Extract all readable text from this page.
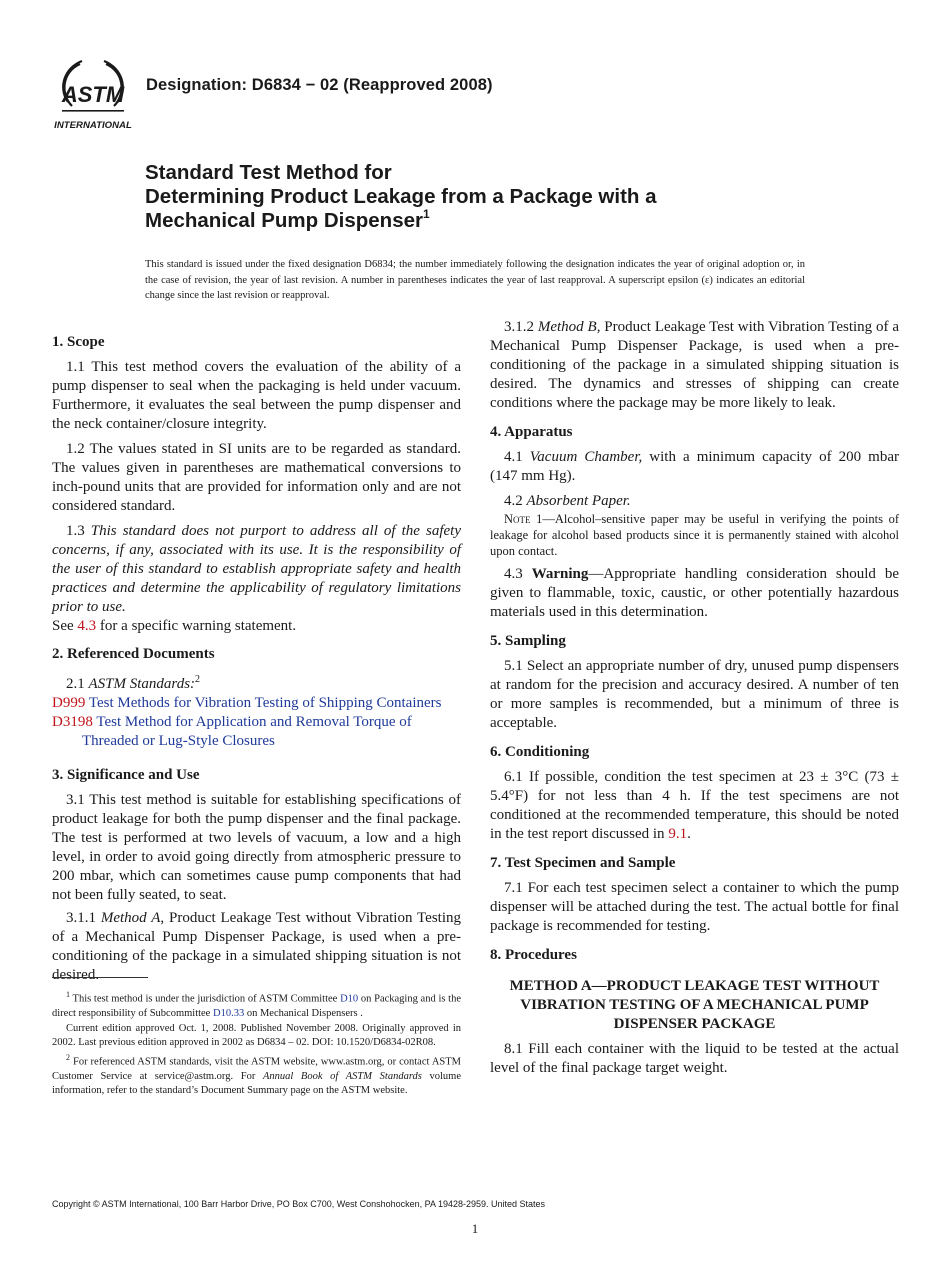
ASTM
INTERNATIONAL
Designation: D6834 − 02 (Reapproved 2008)
Standard Test Method for
Determining Product Leakage from a Package with a
Mechanical Pump Dispenser$^1$
This standard is issued under the fixed designation D6834; the number immediately following the designation indicates the year of original adoption or, in the case of revision, the year of last revision. A number in parentheses indicates the year of last reapproval. A superscript epsilon (ε) indicates an editorial change since the last revision or reapproval.
1. Scope

1.1 This test method covers the evaluation of the ability of a pump dispenser to seal when the packaging is held under vacuum. Furthermore, it evaluates the seal between the pump dispenser and the neck container/closure integrity.

1.2 The values stated in SI units are to be regarded as standard. The values given in parentheses are mathematical conversions to inch-pound units that are provided for information only and are not considered standard.

1.3 This standard does not purport to address all of the safety concerns, if any, associated with its use. It is the responsibility of the user of this standard to establish appropriate safety and health practices and determine the applicability of regulatory limitations prior to use.

See 4.3 for a specific warning statement.

2. Referenced Documents

2.1 ASTM Standards:$^2$

D999 Test Methods for Vibration Testing of Shipping Containers

D3198 Test Method for Application and Removal Torque of Threaded or Lug-Style Closures

3. Significance and Use

3.1 This test method is suitable for establishing specifications of product leakage for both the pump dispenser and the final package. The test is performed at two levels of vacuum, a low and a high level, in order to avoid going directly from atmospheric pressure to 200 mbar, which can sometimes cause pump components that had not been fully seated, to seat.

3.1.1 Method A, Product Leakage Test without Vibration Testing of a Mechanical Pump Dispenser Package, is used when a pre-conditioning of the package in a simulated shipping situation is not desired.

3.1.2 Method B, Product Leakage Test with Vibration Testing of a Mechanical Pump Dispenser Package, is used when a pre-conditioning of the package in a simulated shipping situation is desired. The dynamics and stresses of shipping can create conditions where the package may be more likely to leak.

4. Apparatus

4.1 Vacuum Chamber, with a minimum capacity of 200 mbar (147 mm Hg).

4.2 Absorbent Paper.

Note 1—Alcohol–sensitive paper may be useful in verifying the points of leakage for alcohol based products since it is permanently stained with alcohol upon contact.

4.3 Warning—Appropriate handling consideration should be given to flammable, toxic, caustic, or other potentially hazardous materials used in this determination.

5. Sampling

5.1 Select an appropriate number of dry, unused pump dispensers at random for the precision and accuracy desired. A number of ten or more samples is recommended, but a minimum of three is acceptable.

6. Conditioning

6.1 If possible, condition the test specimen at 23 ± 3°C (73 ± 5.4°F) for not less than 4 h. If the test specimens are not conditioned at the recommended temperature, this should be noted in the test report discussed in 9.1.

7. Test Specimen and Sample

7.1 For each test specimen select a container to which the pump dispenser will be attached during the test. The actual bottle for final package is recommended for testing.

8. Procedures

METHOD A—PRODUCT LEAKAGE TEST WITHOUT VIBRATION TESTING OF A MECHANICAL PUMP DISPENSER PACKAGE

8.1 Fill each container with the liquid to be tested at the actual level of the final package target weight.

$^1$ This test method is under the jurisdiction of ASTM Committee D10 on Packaging and is the direct responsibility of Subcommittee D10.33 on Mechanical Dispensers .

Current edition approved Oct. 1, 2008. Published November 2008. Originally approved in 2002. Last previous edition approved in 2002 as D6834 – 02. DOI: 10.1520/D6834-02R08.

$^2$ For referenced ASTM standards, visit the ASTM website, www.astm.org, or contact ASTM Customer Service at service@astm.org. For Annual Book of ASTM Standards volume information, refer to the standard’s Document Summary page on the ASTM website.

Copyright © ASTM International, 100 Barr Harbor Drive, PO Box C700, West Conshohocken, PA 19428-2959. United States
1
